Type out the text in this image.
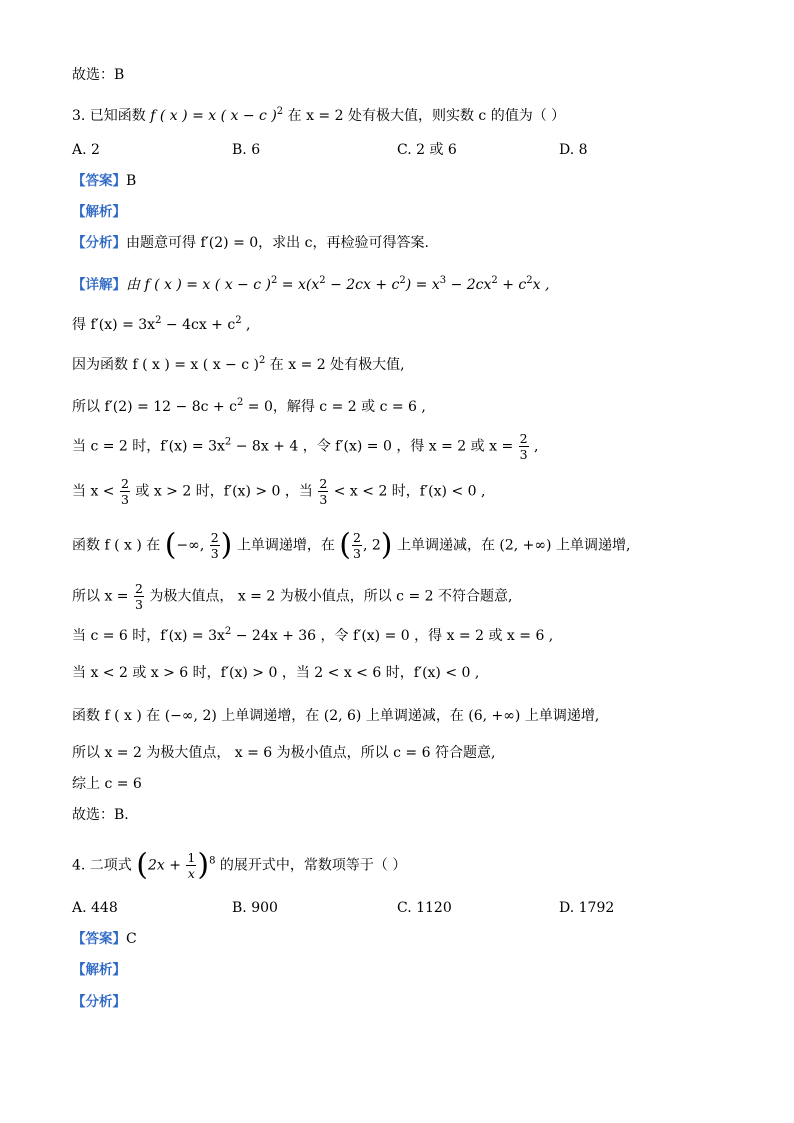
故选：B
3. 已知函数 f ( x ) = x ( x − c )$^2$ 在 x = 2 处有极大值，则实数 c 的值为（ ）
A. 2	B. 6	C. 2 或 6	D. 8
【答案】B
【解析】
【分析】由题意可得 f′(2) = 0，求出 c，再检验可得答案.
【详解】由 f ( x ) = x ( x − c )$^2 = x(x^2 - 2cx + c^2) = x^3 - 2cx^2 + c^2x$ ,
得 $f'(x) = 3x^2 - 4cx + c^2$ ,
因为函数 f ( x ) = x ( x − c )$^2$ 在 x = 2 处有极大值,
所以 $f'(2) = 12 - 8c + c^2 = 0$，解得 c = 2 或 c = 6 ,
当 c = 2 时，$f'(x) = 3x^2 - 8x + 4$ ，令 f′(x) = 0 ，得 x = 2 或 $x = \frac{2}{3}$ ,
当 $x < \frac{2}{3}$ 或 x > 2 时，f′(x) > 0 ，当 $\frac{2}{3} < x < 2$ 时，f′(x) < 0 ,
函数 f ( x ) 在 (−∞, $\frac{2}{3}$ ) 上单调递增，在 ( $\frac{2}{3}$ , 2) 上单调递减，在 (2, +∞) 上单调递增,
所以 $x = \frac{2}{3}$ 为极大值点， x = 2 为极小值点，所以 c = 2 不符合题意,
当 c = 6 时，$f'(x) = 3x^2 - 24x + 36$ ，令 f′(x) = 0 ，得 x = 2 或 x = 6 ,
当 x < 2 或 x > 6 时，f′(x) > 0 ，当 2 < x < 6 时，f′(x) < 0 ,
函数 f ( x ) 在 (−∞, 2) 上单调递增，在 (2, 6) 上单调递减，在 (6, +∞) 上单调递增,
所以 x = 2 为极大值点， x = 6 为极小值点，所以 c = 6 符合题意,
综上 c = 6
故选：B.
4. 二项式 $(2x + \frac{1}{x} )^8$ 的展开式中，常数项等于（ ）
A. 448	B. 900	C. 1120	D. 1792
【答案】C
【解析】
【分析】
